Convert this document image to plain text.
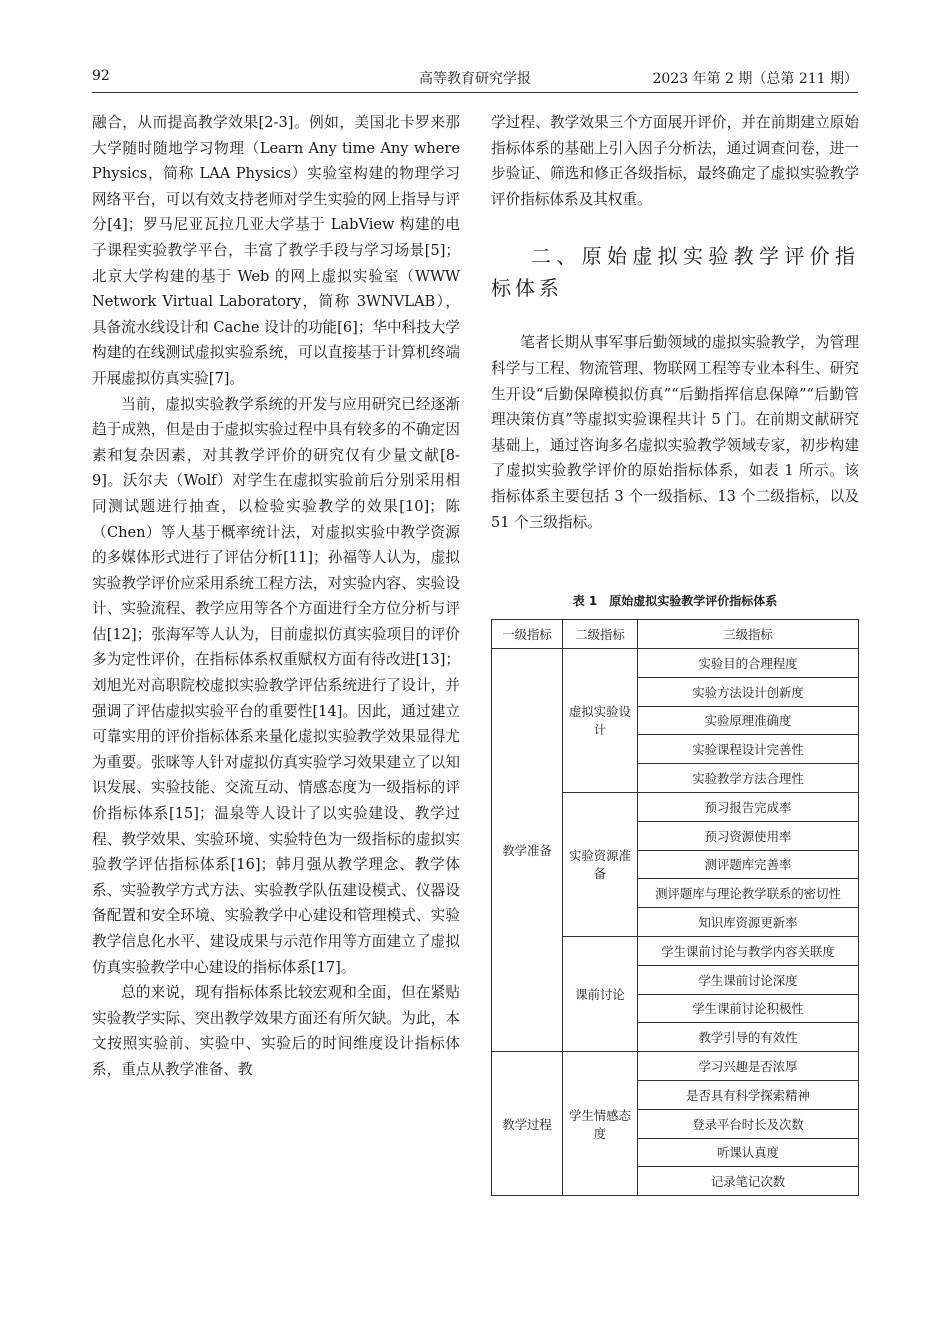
92	高等教育研究学报	2023 年第 2 期（总第 211 期）

融合，从而提高教学效果[2-3]。例如，美国北卡罗来那大学随时随地学习物理（Learn Any time Any where Physics，简称 LAA Physics）实验室构建的物理学习网络平台，可以有效支持老师对学生实验的网上指导与评分[4]；罗马尼亚瓦拉几亚大学基于 LabView 构建的电子课程实验教学平台，丰富了教学手段与学习场景[5]；北京大学构建的基于 Web 的网上虚拟实验室（WWW Network Virtual Laboratory，简称 3WNVLAB），具备流水线设计和 Cache 设计的功能[6]；华中科技大学构建的在线测试虚拟实验系统，可以直接基于计算机终端开展虚拟仿真实验[7]。

当前，虚拟实验教学系统的开发与应用研究已经逐渐趋于成熟，但是由于虚拟实验过程中具有较多的不确定因素和复杂因素，对其教学评价的研究仅有少量文献[8-9]。沃尔夫（Wolf）对学生在虚拟实验前后分别采用相同测试题进行抽查，以检验实验教学的效果[10]；陈（Chen）等人基于概率统计法，对虚拟实验中教学资源的多媒体形式进行了评估分析[11]；孙福等人认为，虚拟实验教学评价应采用系统工程方法，对实验内容、实验设计、实验流程、教学应用等各个方面进行全方位分析与评估[12]；张海军等人认为，目前虚拟仿真实验项目的评价多为定性评价，在指标体系权重赋权方面有待改进[13]；刘旭光对高职院校虚拟实验教学评估系统进行了设计，并强调了评估虚拟实验平台的重要性[14]。因此，通过建立可靠实用的评价指标体系来量化虚拟实验教学效果显得尤为重要。张咪等人针对虚拟仿真实验学习效果建立了以知识发展、实验技能、交流互动、情感态度为一级指标的评价指标体系[15]；温泉等人设计了以实验建设、教学过程、教学效果、实验环境、实验特色为一级指标的虚拟实验教学评估指标体系[16]；韩月强从教学理念、教学体系、实验教学方式方法、实验教学队伍建设模式、仪器设备配置和安全环境、实验教学中心建设和管理模式、实验教学信息化水平、建设成果与示范作用等方面建立了虚拟仿真实验教学中心建设的指标体系[17]。

总的来说，现有指标体系比较宏观和全面，但在紧贴实验教学实际、突出教学效果方面还有所欠缺。为此，本文按照实验前、实验中、实验后的时间维度设计指标体系，重点从教学准备、教

学过程、教学效果三个方面展开评价，并在前期建立原始指标体系的基础上引入因子分析法，通过调查问卷，进一步验证、筛选和修正各级指标，最终确定了虚拟实验教学评价指标体系及其权重。

二、原始虚拟实验教学评价指标体系

笔者长期从事军事后勤领域的虚拟实验教学，为管理科学与工程、物流管理、物联网工程等专业本科生、研究生开设“后勤保障模拟仿真”“后勤指挥信息保障”“后勤管理决策仿真”等虚拟实验课程共计 5 门。在前期文献研究基础上，通过咨询多名虚拟实验教学领域专家，初步构建了虚拟实验教学评价的原始指标体系，如表 1 所示。该指标体系主要包括 3 个一级指标、13 个二级指标，以及 51 个三级指标。

表 1　原始虚拟实验教学评价指标体系
一级指标	二级指标	三级指标
教学准备	虚拟实验设计	实验目的合理程度
		实验方法设计创新度
		实验原理准确度
		实验课程设计完善性
		实验教学方法合理性
	实验资源准备	预习报告完成率
		预习资源使用率
		测评题库完善率
		测评题库与理论教学联系的密切性
		知识库资源更新率
	课前讨论	学生课前讨论与教学内容关联度
		学生课前讨论深度
		学生课前讨论积极性
		教学引导的有效性
教学过程	学生情感态度	学习兴趣是否浓厚
		是否具有科学探索精神
		登录平台时长及次数
		听课认真度
		记录笔记次数
